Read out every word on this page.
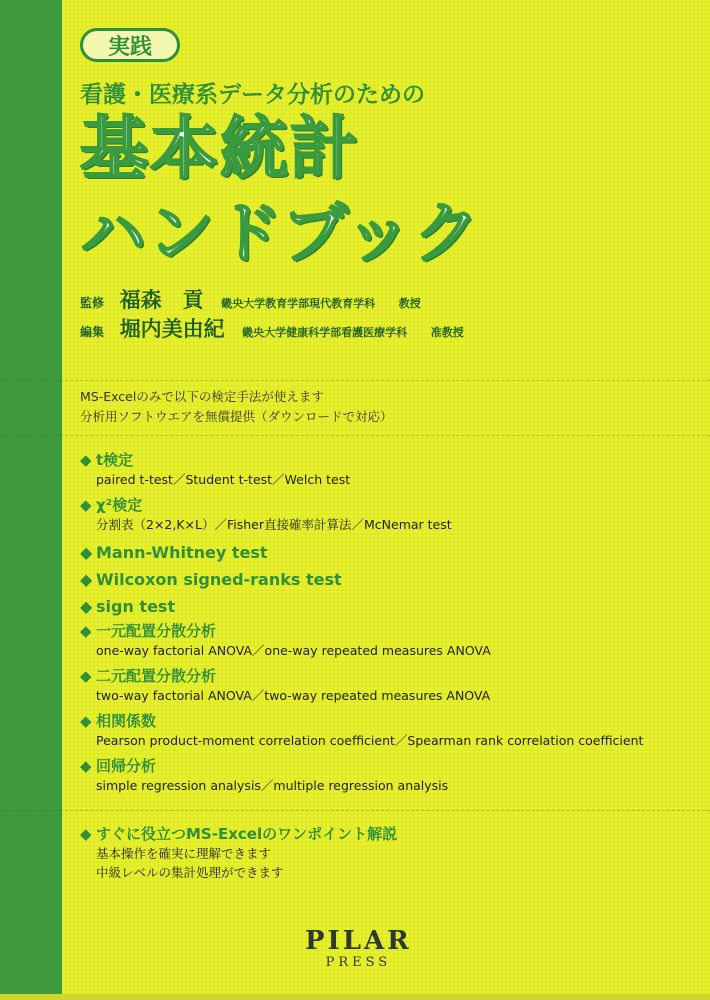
実践
看護・医療系データ分析のための
基本統計
ハンドブック
監修 福森　貢 畿央大学教育学部現代教育学科 教授
編集 堀内美由紀 畿央大学健康科学部看護医療学科 准教授
MS-Excelのみで以下の検定手法が使えます
分析用ソフトウエアを無償提供（ダウンロードで対応）
◆ t検定
paired t-test／Student t-test／Welch test
◆ χ²検定
分割表（2×2,K×L）／Fisher直接確率計算法／McNemar test
◆ Mann-Whitney test
◆ Wilcoxon signed-ranks test
◆ sign test
◆ 一元配置分散分析
one-way factorial ANOVA／one-way repeated measures ANOVA
◆ 二元配置分散分析
two-way factorial ANOVA／two-way repeated measures ANOVA
◆ 相関係数
Pearson product-moment correlation coefficient／Spearman rank correlation coefficient
◆ 回帰分析
simple regression analysis／multiple regression analysis
◆ すぐに役立つMS-Excelのワンポイント解説
基本操作を確実に理解できます
中級レベルの集計処理ができます
PILAR
PRESS
